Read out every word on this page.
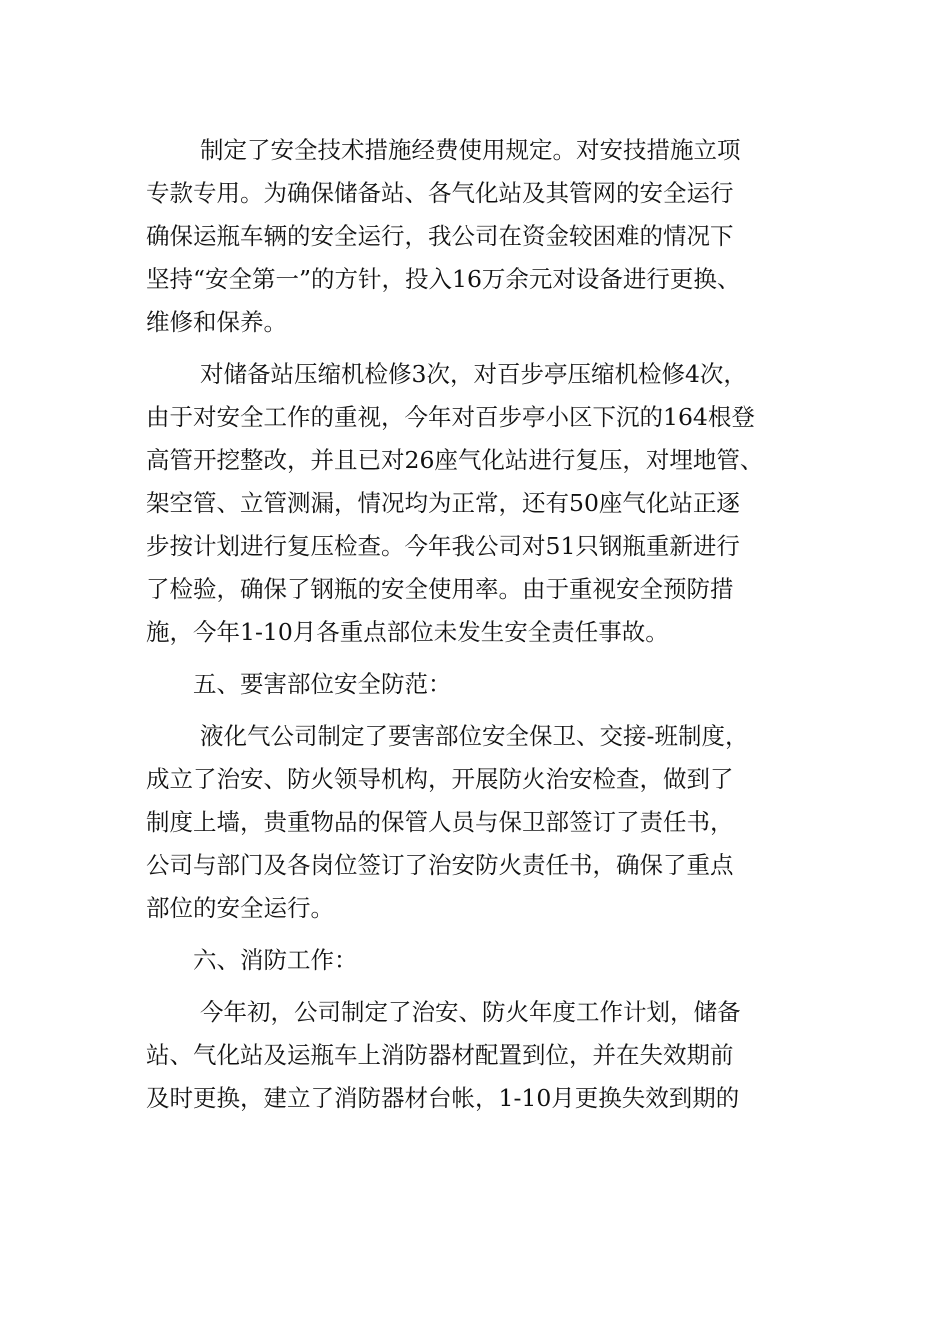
制定了安全技术措施经费使用规定。对安技措施立项
专款专用。为确保储备站、各气化站及其管网的安全运行
确保运瓶车辆的安全运行，我公司在资金较困难的情况下
坚持“安全第一”的方针，投入16万余元对设备进行更换、
维修和保养。
对储备站压缩机检修3次，对百步亭压缩机检修4次，
由于对安全工作的重视，今年对百步亭小区下沉的164根登
高管开挖整改，并且已对26座气化站进行复压，对埋地管、
架空管、立管测漏，情况均为正常，还有50座气化站正逐
步按计划进行复压检查。今年我公司对51只钢瓶重新进行
了检验，确保了钢瓶的安全使用率。由于重视安全预防措
施，今年1-10月各重点部位未发生安全责任事故。
五、要害部位安全防范：
液化气公司制定了要害部位安全保卫、交接-班制度，
成立了治安、防火领导机构，开展防火治安检查，做到了
制度上墙，贵重物品的保管人员与保卫部签订了责任书，
公司与部门及各岗位签订了治安防火责任书，确保了重点
部位的安全运行。
六、消防工作：
今年初，公司制定了治安、防火年度工作计划，储备
站、气化站及运瓶车上消防器材配置到位，并在失效期前
及时更换，建立了消防器材台帐，1-10月更换失效到期的
